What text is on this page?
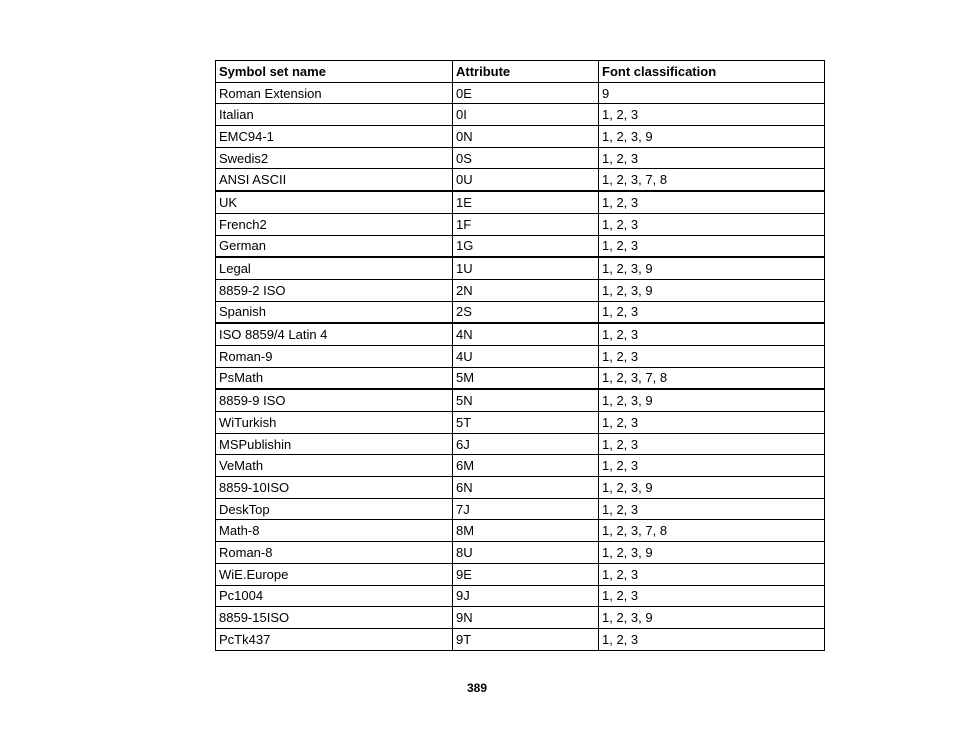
Symbol set name	Attribute	Font classification
Roman Extension	0E	9
Italian	0I	1, 2, 3
EMC94-1	0N	1, 2, 3, 9
Swedis2	0S	1, 2, 3
ANSI ASCII	0U	1, 2, 3, 7, 8
UK	1E	1, 2, 3
French2	1F	1, 2, 3
German	1G	1, 2, 3
Legal	1U	1, 2, 3, 9
8859-2 ISO	2N	1, 2, 3, 9
Spanish	2S	1, 2, 3
ISO 8859/4 Latin 4	4N	1, 2, 3
Roman-9	4U	1, 2, 3
PsMath	5M	1, 2, 3, 7, 8
8859-9 ISO	5N	1, 2, 3, 9
WiTurkish	5T	1, 2, 3
MSPublishin	6J	1, 2, 3
VeMath	6M	1, 2, 3
8859-10ISO	6N	1, 2, 3, 9
DeskTop	7J	1, 2, 3
Math-8	8M	1, 2, 3, 7, 8
Roman-8	8U	1, 2, 3, 9
WiE.Europe	9E	1, 2, 3
Pc1004	9J	1, 2, 3
8859-15ISO	9N	1, 2, 3, 9
PcTk437	9T	1, 2, 3
389
